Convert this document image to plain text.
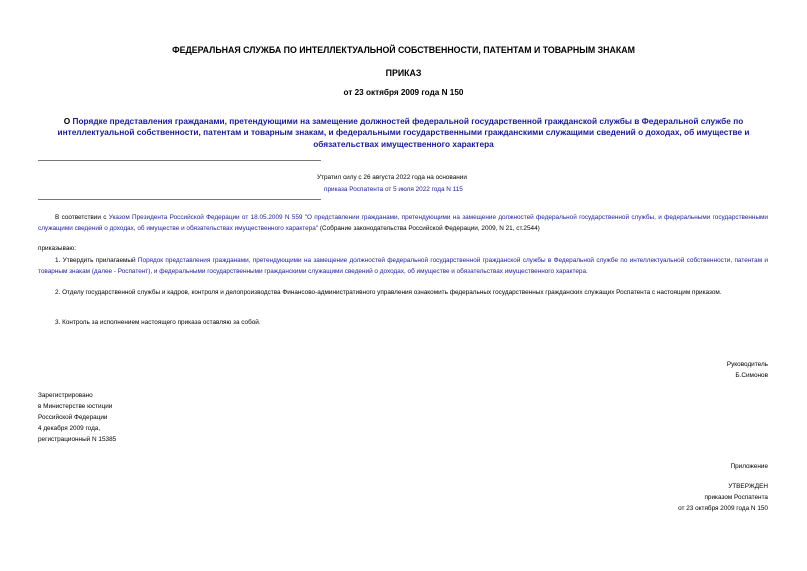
ФЕДЕРАЛЬНАЯ СЛУЖБА ПО ИНТЕЛЛЕКТУАЛЬНОЙ СОБСТВЕННОСТИ, ПАТЕНТАМ И ТОВАРНЫМ ЗНАКАМ
ПРИКАЗ
от 23 октября 2009 года N 150
О Порядке представления гражданами, претендующими на замещение должностей федеральной государственной гражданской службы в Федеральной службе по интеллектуальной собственности, патентам и товарным знакам, и федеральными государственными гражданскими служащими сведений о доходах, об имуществе и обязательствах имущественного характера
Утратил силу с 26 августа 2022 года на основании
приказа Роспатента от 5 июля 2022 года N 115
В соответствии с Указом Президента Российской Федерации от 18.05.2009 N 559 "О представлении гражданами, претендующими на замещение должностей федеральной государственной службы, и федеральными государственными служащими сведений о доходах, об имуществе и обязательствах имущественного характера" (Собрание законодательства Российской Федерации, 2009, N 21, ст.2544)
приказываю:
1. Утвердить прилагаемый Порядок представления гражданами, претендующими на замещение должностей федеральной государственной гражданской службы в Федеральной службе по интеллектуальной собственности, патентам и товарным знакам (далее - Роспатент), и федеральными государственными гражданскими служащими сведений о доходах, об имуществе и обязательствах имущественного характера.
2. Отделу государственной службы и кадров, контроля и делопроизводства Финансово-административного управления ознакомить федеральных государственных гражданских служащих Роспатента с настоящим приказом.
3. Контроль за исполнением настоящего приказа оставляю за собой.
Руководитель
Б.Симонов
Зарегистрировано
в Министерстве юстиции
Российской Федерации
4 декабря 2009 года,
регистрационный N 15385
Приложение
УТВЕРЖДЕН
приказом Роспатента
от 23 октября 2009 года N 150
